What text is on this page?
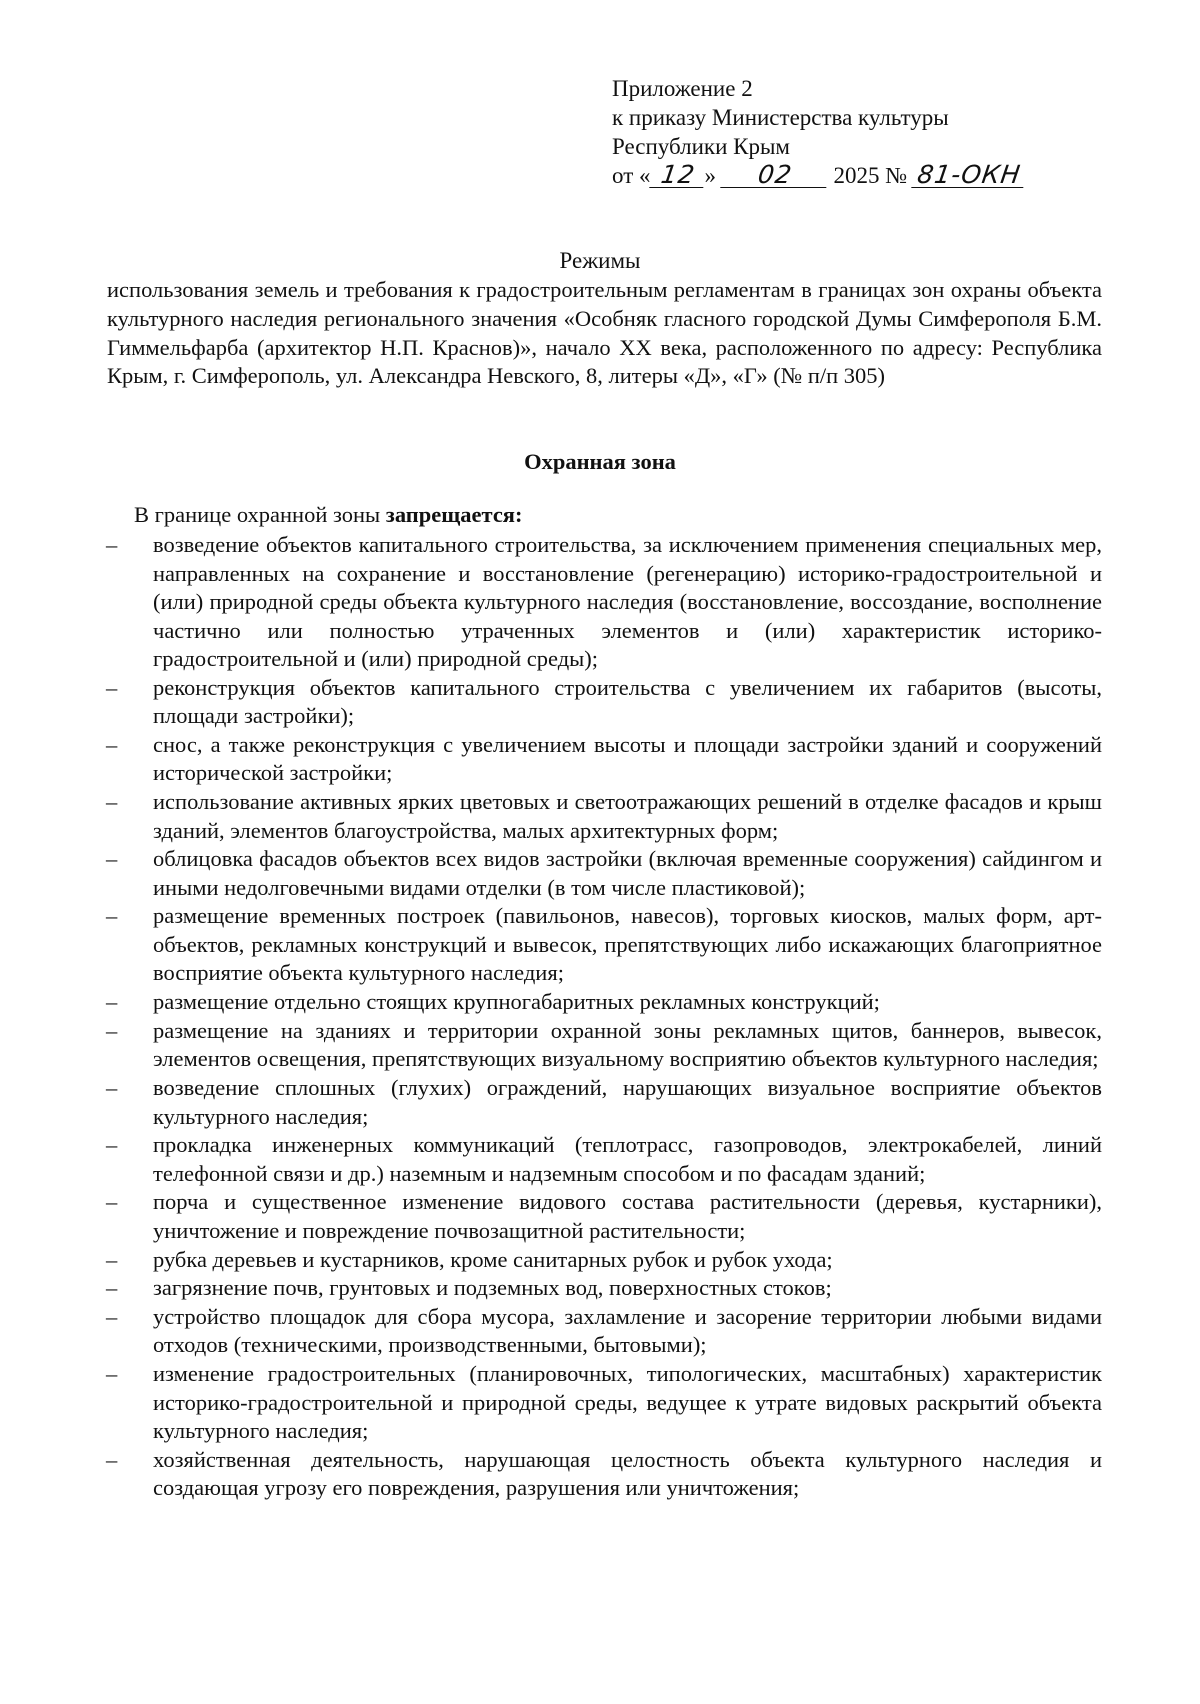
Приложение 2
к приказу Министерства культуры
Республики Крым
от « 12 » 02 2025 № 81-ОКН
Режимы
использования земель и требования к градостроительным регламентам в границах зон охраны объекта культурного наследия регионального значения «Особняк гласного городской Думы Симферополя Б.М. Гиммельфарба (архитектор Н.П. Краснов)», начало XX века, расположенного по адресу: Республика Крым, г. Симферополь, ул. Александра Невского, 8, литеры «Д», «Г» (№ п/п 305)
Охранная зона
В границе охранной зоны запрещается:
– возведение объектов капитального строительства, за исключением применения специальных мер, направленных на сохранение и восстановление (регенерацию) историко-градостроительной и (или) природной среды объекта культурного наследия (восстановление, воссоздание, восполнение частично или полностью утраченных элементов и (или) характеристик историко-градостроительной и (или) природной среды);
– реконструкция объектов капитального строительства с увеличением их габаритов (высоты, площади застройки);
– снос, а также реконструкция с увеличением высоты и площади застройки зданий и сооружений исторической застройки;
– использование активных ярких цветовых и светоотражающих решений в отделке фасадов и крыш зданий, элементов благоустройства, малых архитектурных форм;
– облицовка фасадов объектов всех видов застройки (включая временные сооружения) сайдингом и иными недолговечными видами отделки (в том числе пластиковой);
– размещение временных построек (павильонов, навесов), торговых киосков, малых форм, арт-объектов, рекламных конструкций и вывесок, препятствующих либо искажающих благоприятное восприятие объекта культурного наследия;
– размещение отдельно стоящих крупногабаритных рекламных конструкций;
– размещение на зданиях и территории охранной зоны рекламных щитов, баннеров, вывесок, элементов освещения, препятствующих визуальному восприятию объектов культурного наследия;
– возведение сплошных (глухих) ограждений, нарушающих визуальное восприятие объектов культурного наследия;
– прокладка инженерных коммуникаций (теплотрасс, газопроводов, электрокабелей, линий телефонной связи и др.) наземным и надземным способом и по фасадам зданий;
– порча и существенное изменение видового состава растительности (деревья, кустарники), уничтожение и повреждение почвозащитной растительности;
– рубка деревьев и кустарников, кроме санитарных рубок и рубок ухода;
– загрязнение почв, грунтовых и подземных вод, поверхностных стоков;
– устройство площадок для сбора мусора, захламление и засорение территории любыми видами отходов (техническими, производственными, бытовыми);
– изменение градостроительных (планировочных, типологических, масштабных) характеристик историко-градостроительной и природной среды, ведущее к утрате видовых раскрытий объекта культурного наследия;
– хозяйственная деятельность, нарушающая целостность объекта культурного наследия и создающая угрозу его повреждения, разрушения или уничтожения;
